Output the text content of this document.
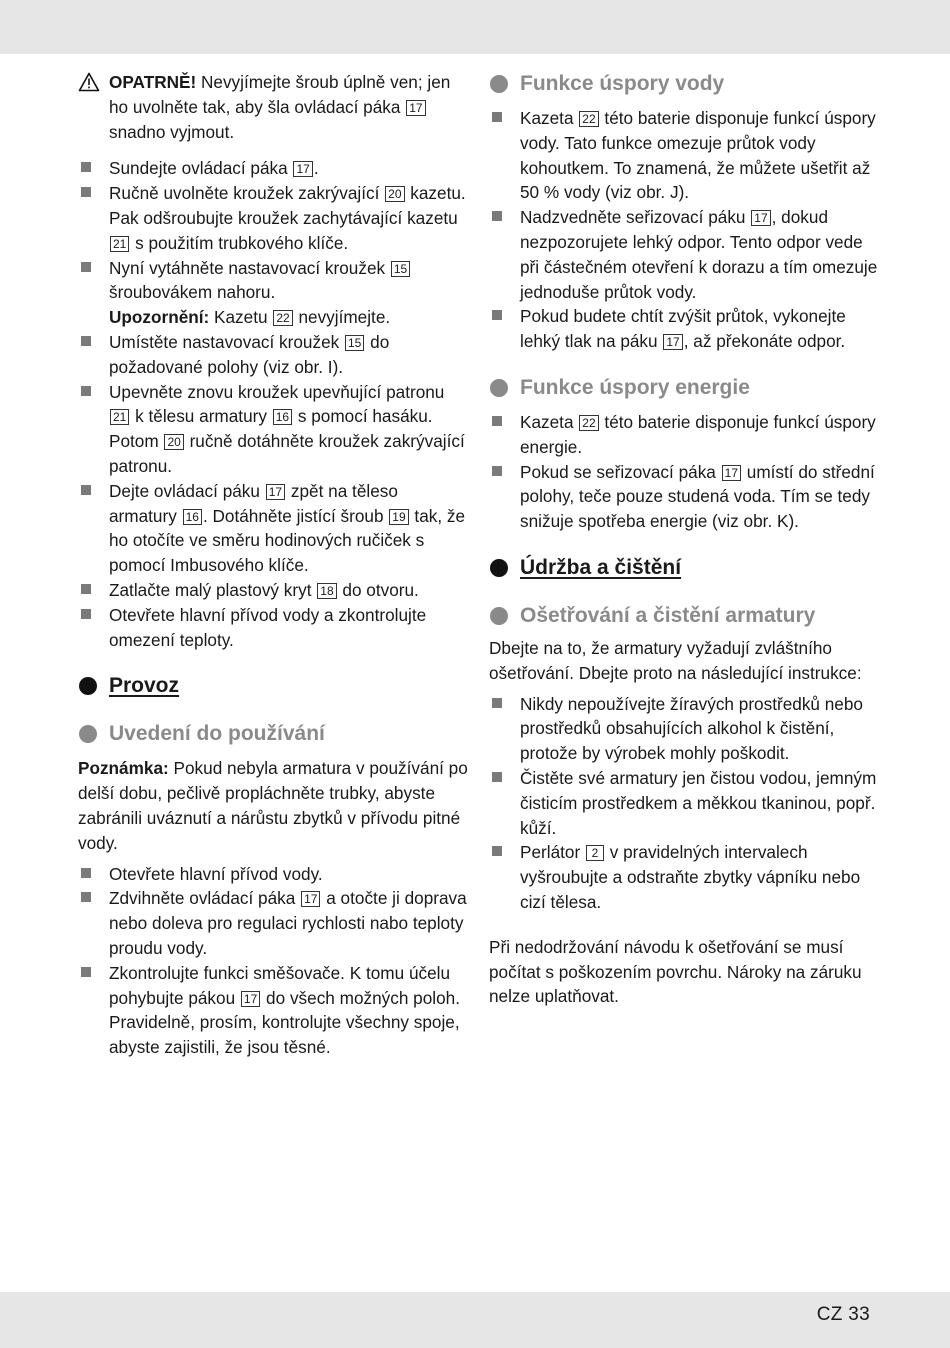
OPATRNĚ! Nevyjímejte šroub úplně ven; jen ho uvolněte tak, aby šla ovládací páka 17 snadno vyjmout.
Sundejte ovládací páka 17 .
Ručně uvolněte kroužek zakrývající 20 kazetu. Pak odšroubujte kroužek zachytávající kazetu 21 s použitím trubkového klíče.
Nyní vytáhněte nastavovací kroužek 15 šroubovákem nahoru.
Upozornění: Kazetu 22 nevyjímejte.
Umístěte nastavovací kroužek 15 do požadované polohy (viz obr. I).
Upevněte znovu kroužek upevňující patronu 21 k tělesu armatury 16 s pomocí hasáku. Potom 20 ručně dotáhněte kroužek zakrývající patronu.
Dejte ovládací páku 17 zpět na těleso armatury 16 . Dotáhněte jistící šroub 19 tak, že ho otočíte ve směru hodinových ručiček s pomocí Imbusového klíče.
Zatlačte malý plastový kryt 18 do otvoru.
Otevřete hlavní přívod vody a zkontrolujte omezení teploty.
Provoz
Uvedení do používání

Poznámka: Pokud nebyla armatura v používání po delší dobu, pečlivě propláchněte trubky, abyste zabránili uváznutí a nárůstu zbytků v přívodu pitné vody.

Otevřete hlavní přívod vody.
Zdvihněte ovládací páka 17 a otočte ji doprava nebo doleva pro regulaci rychlosti nabo teploty proudu vody.
Zkontrolujte funkci směšovače. K tomu účelu pohybujte pákou 17 do všech možných poloh. Pravidelně, prosím, kontrolujte všechny spoje, abyste zajistili, že jsou těsné.
Funkce úspory vody
Kazeta 22 této baterie disponuje funkcí úspory vody. Tato funkce omezuje průtok vody kohoutkem. To znamená, že můžete ušetřit až 50 % vody (viz obr. J).
Nadzvedněte seřizovací páku 17 , dokud nezpozorujete lehký odpor. Tento odpor vede při částečném otevření k dorazu a tím omezuje jednoduše průtok vody.
Pokud budete chtít zvýšit průtok, vykonejte lehký tlak na páku 17 , až překonáte odpor.
Funkce úspory energie
Kazeta 22 této baterie disponuje funkcí úspory energie.
Pokud se seřizovací páka 17 umístí do střední polohy, teče pouze studená voda. Tím se tedy snižuje spotřeba energie (viz obr. K).
Údržba a čištění
Ošetřování a čistění armatury

Dbejte na to, že armatury vyžadují zvláštního ošetřování. Dbejte proto na následující instrukce:

Nikdy nepoužívejte žíravých prostředků nebo prostředků obsahujících alkohol k čistění, protože by výrobek mohly poškodit.
Čistěte své armatury jen čistou vodou, jemným čisticím prostředkem a měkkou tkaninou, popř. kůží.
Perlátor 2 v pravidelných intervalech vyšroubujte a odstraňte zbytky vápníku nebo cizí tělesa.

Při nedodržování návodu k ošetřování se musí počítat s poškozením povrchu. Nároky na záruku nelze uplatňovat.

CZ 33
